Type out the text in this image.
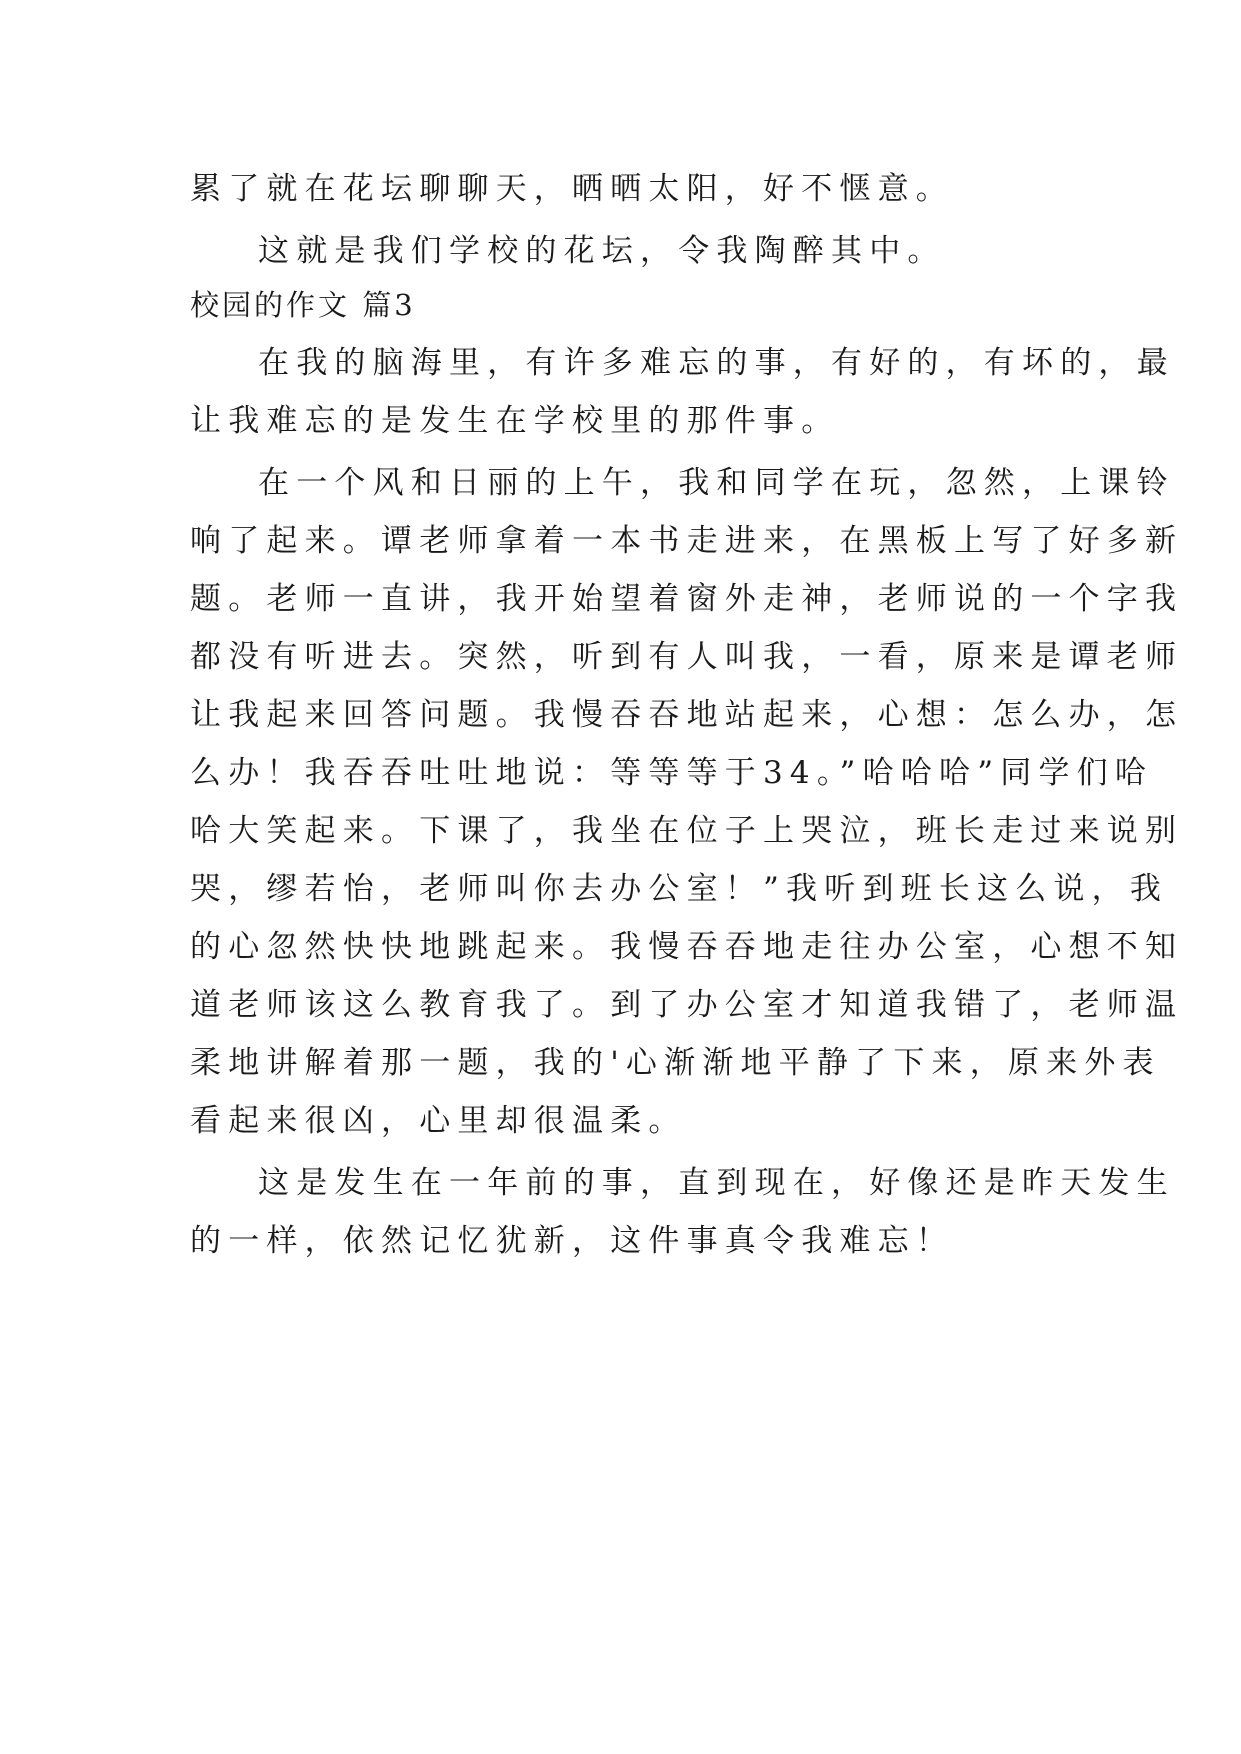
累了就在花坛聊聊天，晒晒太阳，好不惬意。

这就是我们学校的花坛，令我陶醉其中。

校园的作文 篇3

在我的脑海里，有许多难忘的事，有好的，有坏的，最

让我难忘的是发生在学校里的那件事。

在一个风和日丽的上午，我和同学在玩，忽然，上课铃

响了起来。谭老师拿着一本书走进来，在黑板上写了好多新

题。老师一直讲，我开始望着窗外走神，老师说的一个字我

都没有听进去。突然，听到有人叫我，一看，原来是谭老师

让我起来回答问题。我慢吞吞地站起来，心想：怎么办，怎

么办！我吞吞吐吐地说：等等等于34。”哈哈哈”同学们哈

哈大笑起来。下课了，我坐在位子上哭泣，班长走过来说别

哭，缪若怡，老师叫你去办公室！”我听到班长这么说，我

的心忽然快快地跳起来。我慢吞吞地走往办公室，心想不知

道老师该这么教育我了。到了办公室才知道我错了，老师温

柔地讲解着那一题，我的'心渐渐地平静了下来，原来外表

看起来很凶，心里却很温柔。

这是发生在一年前的事，直到现在，好像还是昨天发生

的一样，依然记忆犹新，这件事真令我难忘！
